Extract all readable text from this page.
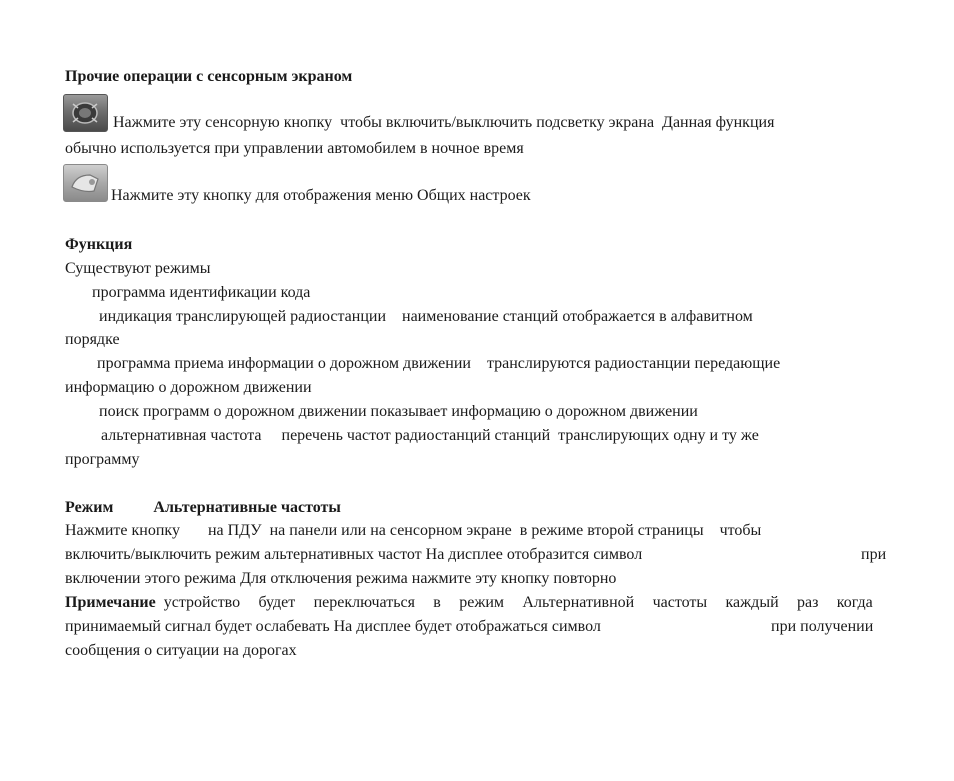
Прочие операции с сенсорным экраном
Нажмите эту сенсорную кнопку  чтобы включить/выключить подсветку экрана  Данная функция
обычно используется при управлении автомобилем в ночное время
Нажмите эту кнопку для отображения меню Общих настроек
Функция
Существуют режимы
программа идентификации кода
индикация транслирующей радиостанции    наименование станций отображается в алфавитном
порядке
программа приема информации о дорожном движении    транслируются радиостанции передающие
информацию о дорожном движении
поиск программ о дорожном движении показывает информацию о дорожном движении
альтернативная частота     перечень частот радиостанций станций  транслирующих одну и ту же
программу
Режим	Альтернативные частоты
Нажмите кнопку       на ПДУ  на панели или на сенсорном экране  в режиме второй страницы    чтобы
включить/выключить режим альтернативных частот На дисплее отобразится символ	при
включении этого режима Для отключения режима нажмите эту кнопку повторно
Примечание устройство будет переключаться в режим Альтернативной частоты каждый раз когда
принимаемый сигнал будет ослабевать На дисплее будет отображаться символ	при получении
сообщения о ситуации на дорогах
